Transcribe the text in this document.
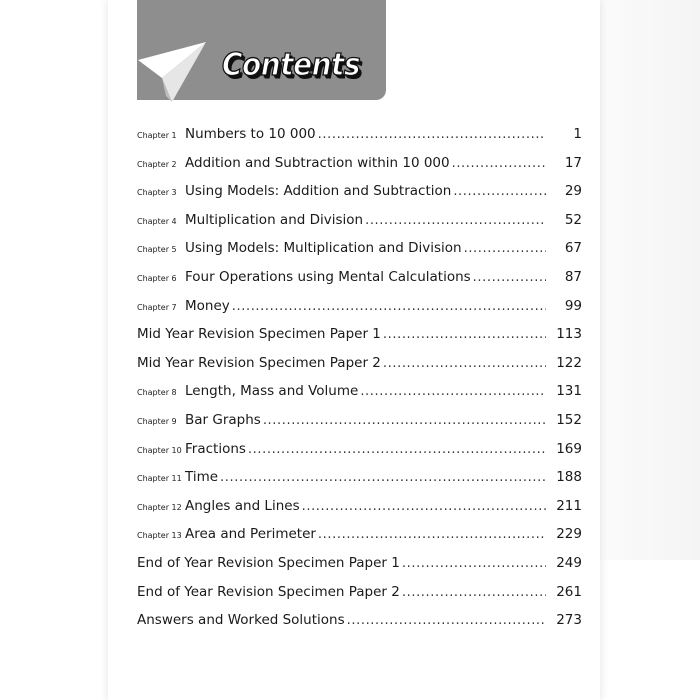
Contents
Chapter 1 Numbers to 10 000 .....	1
Chapter 2 Addition and Subtraction within 10 000 .....	17
Chapter 3 Using Models: Addition and Subtraction .....	29
Chapter 4 Multiplication and Division .....	52
Chapter 5 Using Models: Multiplication and Division .....	67
Chapter 6 Four Operations using Mental Calculations .....	87
Chapter 7 Money .....	99
Mid Year Revision Specimen Paper 1 .....	113
Mid Year Revision Specimen Paper 2 .....	122
Chapter 8 Length, Mass and Volume .....	131
Chapter 9 Bar Graphs .....	152
Chapter 10 Fractions .....	169
Chapter 11 Time .....	188
Chapter 12 Angles and Lines .....	211
Chapter 13 Area and Perimeter .....	229
End of Year Revision Specimen Paper 1 .....	249
End of Year Revision Specimen Paper 2 .....	261
Answers and Worked Solutions .....	273
